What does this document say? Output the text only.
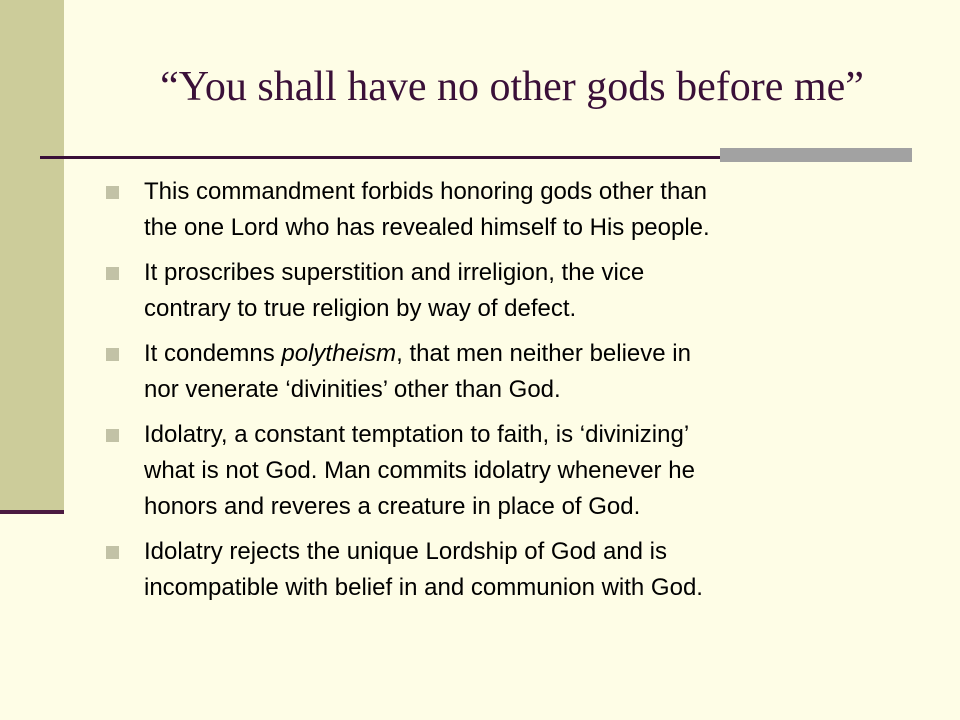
“You shall have no other gods before me”
This commandment forbids honoring gods other than
the one Lord who has revealed himself to His people.
It proscribes superstition and irreligion, the vice
contrary to true religion by way of defect.
It condemns polytheism, that men neither believe in
nor venerate ‘divinities’ other than God.
Idolatry, a constant temptation to faith, is ‘divinizing’
what is not God. Man commits idolatry whenever he
honors and reveres a creature in place of God.
Idolatry rejects the unique Lordship of God and is
incompatible with belief in and communion with God.
